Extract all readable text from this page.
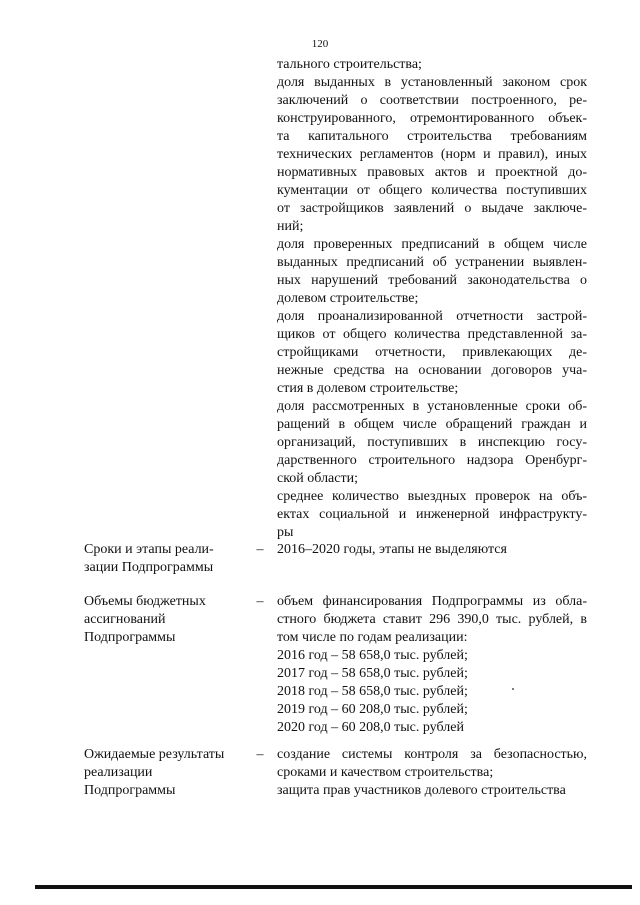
120
тального строительства;
доля выданных в установленный законом срок
заключений о соответствии построенного, ре-
конструированного, отремонтированного объек-
та капитального строительства требованиям
технических регламентов (норм и правил), иных
нормативных правовых актов и проектной до-
кументации от общего количества поступивших
от застройщиков заявлений о выдаче заключе-
ний;
доля проверенных предписаний в общем числе
выданных предписаний об устранении выявлен-
ных нарушений требований законодательства о
долевом строительстве;
доля проанализированной отчетности застрой-
щиков от общего количества представленной за-
стройщиками отчетности, привлекающих де-
нежные средства на основании договоров уча-
стия в долевом строительстве;
доля рассмотренных в установленные сроки об-
ращений в общем числе обращений граждан и
организаций, поступивших в инспекцию госу-
дарственного строительного надзора Оренбург-
ской области;
среднее количество выездных проверок на объ-
ектах социальной и инженерной инфраструкту-
ры
Сроки и этапы реали-
зации Подпрограммы
– 2016–2020 годы, этапы не выделяются
Объемы бюджетных
ассигнований
Подпрограммы
– объем финансирования Подпрограммы из обла-
стного бюджета ставит 296 390,0 тыс. рублей, в
том числе по годам реализации:
2016 год – 58 658,0 тыс. рублей;
2017 год – 58 658,0 тыс. рублей;
2018 год – 58 658,0 тыс. рублей;
2019 год – 60 208,0 тыс. рублей;
2020 год – 60 208,0 тыс. рублей
Ожидаемые результаты
реализации
Подпрограммы
– создание системы контроля за безопасностью,
сроками и качеством строительства;
защита прав участников долевого строительства
